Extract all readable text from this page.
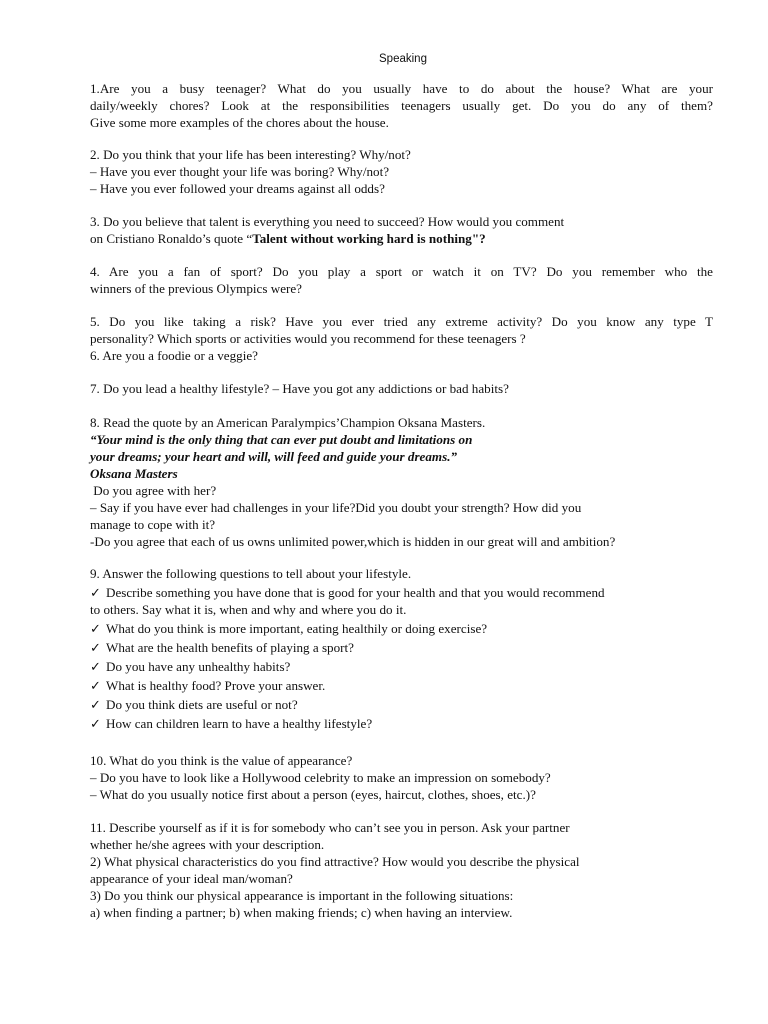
Speaking
1.Are you a busy teenager? What do you usually have to do about the house? What are your
daily/weekly chores? Look at the responsibilities teenagers usually get. Do you do any of them?
Give some more examples of the chores about the house.
2. Do you think that your life has been interesting? Why/not?
– Have you ever thought your life was boring? Why/not?
– Have you ever followed your dreams against all odds?
3. Do you believe that talent is everything you need to succeed? How would you comment
on Cristiano Ronaldo’s quote “Talent without working hard is nothing"?
4. Are you a fan of sport? Do you play a sport or watch it on TV? Do you remember who the
winners of the previous Olympics were?
5. Do you like taking a risk? Have you ever tried any extreme activity? Do you know any type T
personality? Which sports or activities would you recommend for these teenagers ?
6. Are you a foodie or a veggie?
7. Do you lead a healthy lifestyle? – Have you got any addictions or bad habits?
8. Read the quote by an American Paralympics’Champion Oksana Masters.
“Your mind is the only thing that can ever put doubt and limitations on
your dreams; your heart and will, will feed and guide your dreams.”
Oksana Masters
Do you agree with her?
– Say if you have ever had challenges in your life?Did you doubt your strength? How did you
manage to cope with it?
-Do you agree that each of us owns unlimited power,which is hidden in our great will and ambition?
9. Answer the following questions to tell about your lifestyle.
✓ Describe something you have done that is good for your health and that you would recommend
to others. Say what it is, when and why and where you do it.
✓ What do you think is more important, eating healthily or doing exercise?
✓ What are the health benefits of playing a sport?
✓ Do you have any unhealthy habits?
✓ What is healthy food? Prove your answer.
✓ Do you think diets are useful or not?
✓ How can children learn to have a healthy lifestyle?
10. What do you think is the value of appearance?
– Do you have to look like a Hollywood celebrity to make an impression on somebody?
– What do you usually notice first about a person (eyes, haircut, clothes, shoes, etc.)?
11. Describe yourself as if it is for somebody who can’t see you in person. Ask your partner
whether he/she agrees with your description.
2) What physical characteristics do you find attractive? How would you describe the physical
appearance of your ideal man/woman?
3) Do you think our physical appearance is important in the following situations:
a) when finding a partner; b) when making friends; c) when having an interview.
